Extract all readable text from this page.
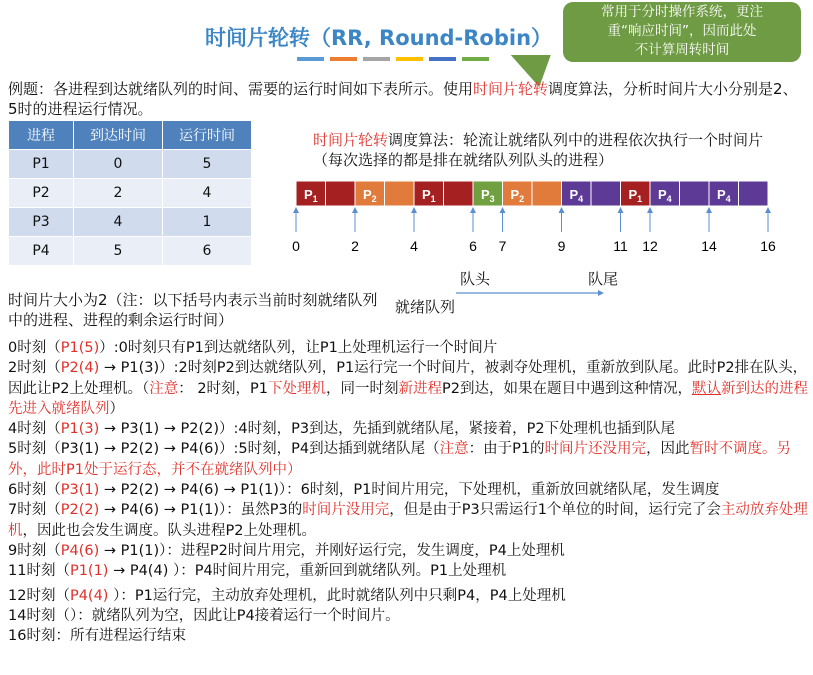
时间片轮转（RR, Round-Robin）
常用于分时操作系统，更注
重“响应时间”，因而此处
不计算周转时间
例题：各进程到达就绪队列的时间、需要的运行时间如下表所示。使用时间片轮转调度算法，分析时间片大小分别是2、5时的进程运行情况。
进程	到达时间	运行时间
P1	0	5
P2	2	4
P3	4	1
P4	5	6
时间片轮转调度算法：轮流让就绪队列中的进程依次执行一个时间片（每次选择的都是排在就绪队列队头的进程）
$P_1$	$P_2$	$P_1$	$P_3$ $P_2$	$P_4$	$P_1$ $P_4$	$P_4$
0	2	4	6 7	9	11 12	14	16
队头	队尾
就绪队列
时间片大小为2（注：以下括号内表示当前时刻就绪队列中的进程、进程的剩余运行时间）
0时刻（P1(5)）:0时刻只有P1到达就绪队列，让P1上处理机运行一个时间片
2时刻（P2(4) → P1(3)）:2时刻P2到达就绪队列，P1运行完一个时间片，被剥夺处理机，重新放到队尾。此时P2排在队头，因此让P2上处理机。（注意： 2时刻，P1下处理机，同一时刻新进程P2到达，如果在题目中遇到这种情况，默认新到达的进程先进入就绪队列）
4时刻（P1(3) → P3(1) → P2(2)）:4时刻，P3到达，先插到就绪队尾，紧接着，P2下处理机也插到队尾
5时刻（P3(1) → P2(2) → P4(6)）:5时刻，P4到达插到就绪队尾（注意：由于P1的时间片还没用完，因此暂时不调度。另外，此时P1处于运行态，并不在就绪队列中）
6时刻（P3(1) → P2(2) → P4(6) → P1(1)）：6时刻，P1时间片用完，下处理机，重新放回就绪队尾，发生调度
7时刻（P2(2) → P4(6) → P1(1)）：虽然P3的时间片没用完，但是由于P3只需运行1个单位的时间，运行完了会主动放弃处理机，因此也会发生调度。队头进程P2上处理机。
9时刻（P4(6) → P1(1)）：进程P2时间片用完，并刚好运行完，发生调度，P4上处理机
11时刻（P1(1) → P4(4) ）：P4时间片用完，重新回到就绪队列。P1上处理机
12时刻（P4(4) ）：P1运行完，主动放弃处理机，此时就绪队列中只剩P4，P4上处理机
14时刻（）：就绪队列为空，因此让P4接着运行一个时间片。
16时刻：所有进程运行结束
